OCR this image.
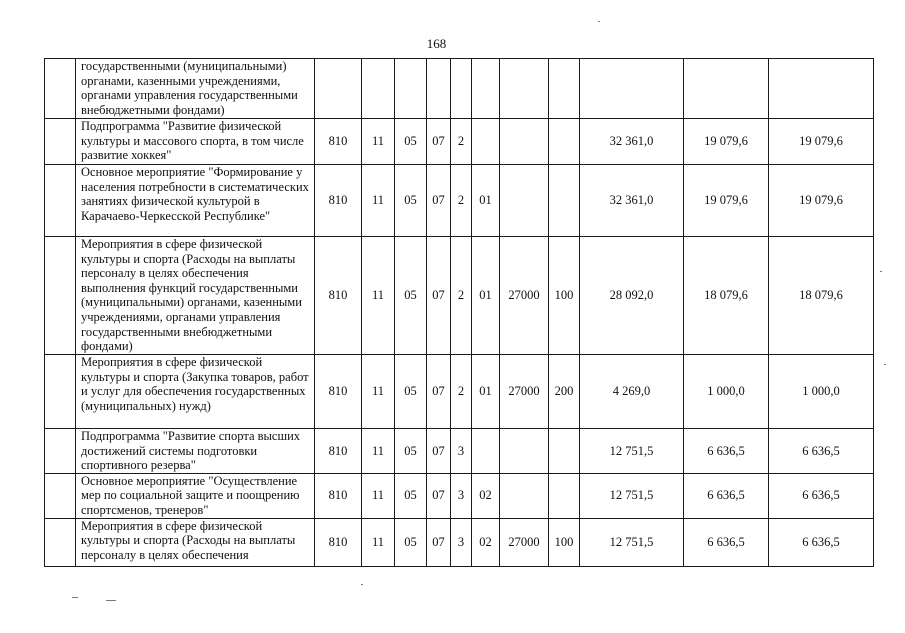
168
	государственными (муниципальными) органами, казенными учреждениями, органами управления государственными внебюджетными фондами)											
	Подпрограмма "Развитие физической культуры и массового спорта, в том числе развитие хоккея"	810	11	05	07	2				32 361,0	19 079,6	19 079,6
	Основное мероприятие "Формирование у населения потребности в систематических занятиях физической культурой в Карачаево-Черкесской Республике"	810	11	05	07	2	01			32 361,0	19 079,6	19 079,6
	Мероприятия в сфере физической культуры и спорта (Расходы на выплаты персоналу в целях обеспечения выполнения функций государственными (муниципальными) органами, казенными учреждениями, органами управления государственными внебюджетными фондами)	810	11	05	07	2	01	27000	100	28 092,0	18 079,6	18 079,6
	Мероприятия в сфере физической культуры и спорта (Закупка товаров, работ и услуг для обеспечения государственных (муниципальных) нужд)	810	11	05	07	2	01	27000	200	4 269,0	1 000,0	1 000,0
	Подпрограмма "Развитие спорта высших достижений системы подготовки спортивного резерва"	810	11	05	07	3				12 751,5	6 636,5	6 636,5
	Основное мероприятие "Осуществление мер по социальной защите и поощрению спортсменов, тренеров"	810	11	05	07	3	02			12 751,5	6 636,5	6 636,5
	Мероприятия в сфере физической культуры и спорта (Расходы на выплаты персоналу в целях обеспечения	810	11	05	07	3	02	27000	100	12 751,5	6 636,5	6 636,5
